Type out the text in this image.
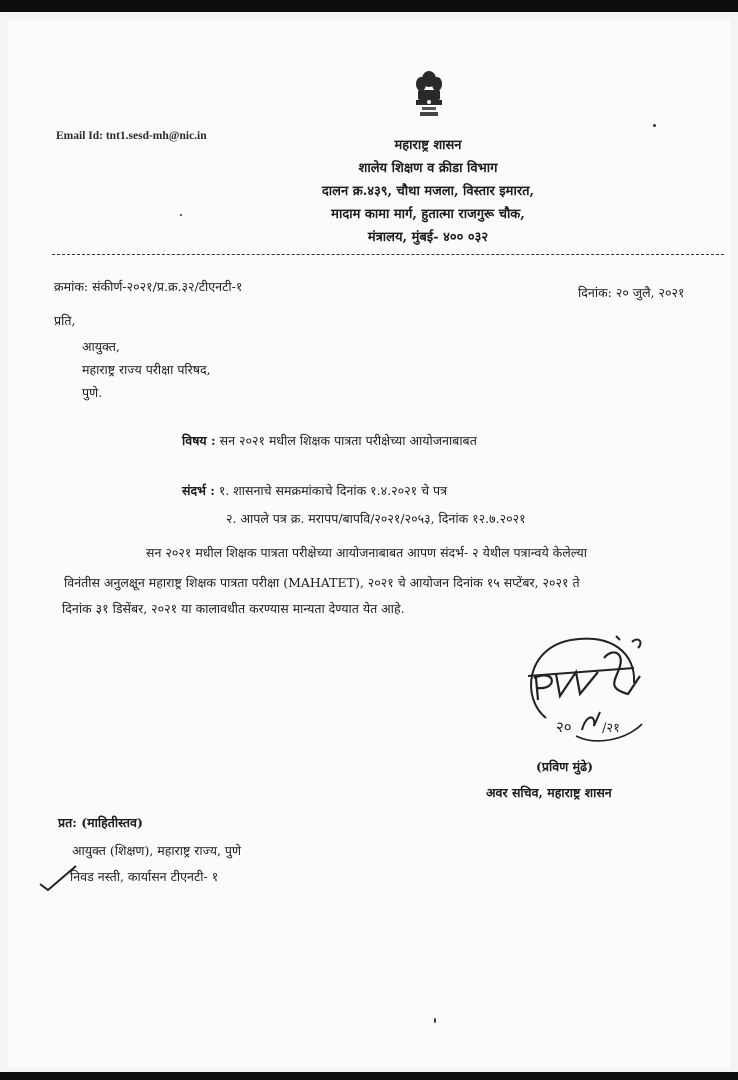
Email Id: tnt1.sesd-mh@nic.in
महाराष्ट्र शासन
शालेय शिक्षण व क्रीडा विभाग
दालन क्र.४३९, चौथा मजला, विस्तार इमारत,
मादाम कामा मार्ग, हुतात्मा राजगुरू चौक,
मंत्रालय, मुंबई- ४०० ०३२
क्रमांक: संकीर्ण-२०२१/प्र.क्र.३२/टीएनटी-१	दिनांक: २० जुलै, २०२१
प्रति,
आयुक्त,
महाराष्ट्र राज्य परीक्षा परिषद,
पुणे.
विषय : सन २०२१ मधील शिक्षक पात्रता परीक्षेच्या आयोजनाबाबत
संदर्भ : १. शासनाचे समक्रमांकाचे दिनांक १.४.२०२१ चे पत्र
२. आपले पत्र क्र. मरापप/बापवि/२०२१/२०५३, दिनांक १२.७.२०२१
सन २०२१ मधील शिक्षक पात्रता परीक्षेच्या आयोजनाबाबत आपण संदर्भ- २ येथील पत्रान्वये केलेल्या
विनंतीस अनुलक्षून महाराष्ट्र शिक्षक पात्रता परीक्षा (MAHATET), २०२१ चे आयोजन दिनांक १५ सप्टेंबर, २०२१ ते
दिनांक ३१ डिसेंबर, २०२१ या कालावधीत करण्यास मान्यता देण्यात येत आहे.
२० /२१
(प्रविण मुंढे)
अवर सचिव, महाराष्ट्र शासन
प्रत: (माहितीस्तव)
आयुक्त (शिक्षण), महाराष्ट्र राज्य, पुणे
निवड नस्ती, कार्यासन टीएनटी- १
